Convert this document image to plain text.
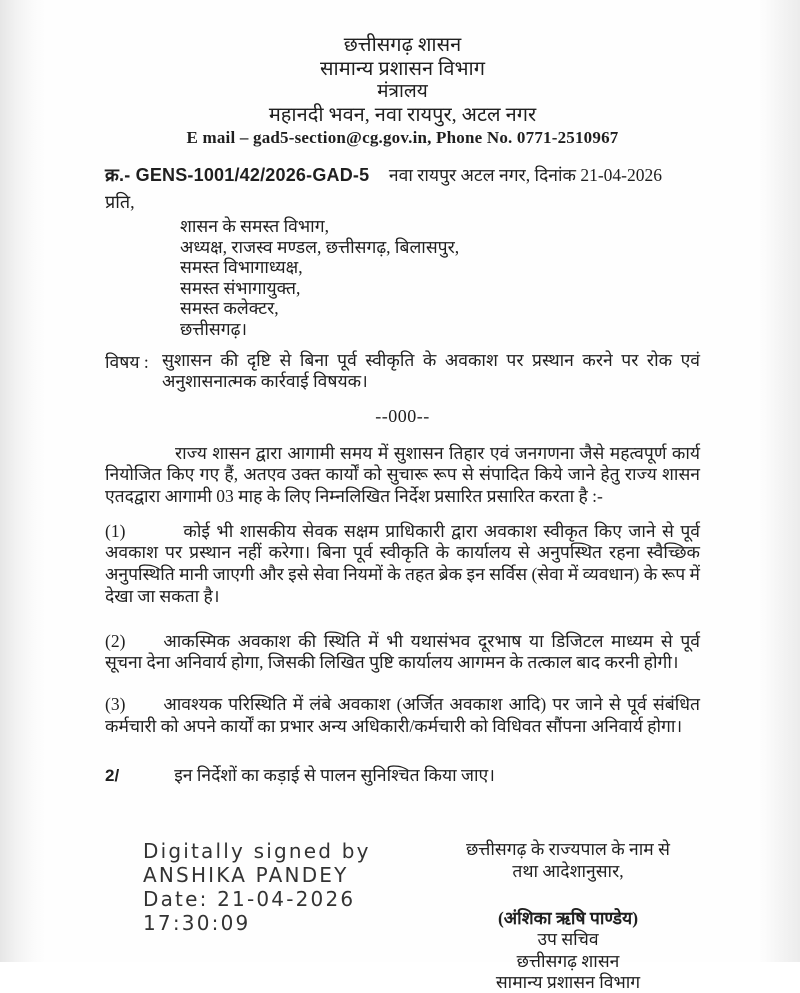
छत्तीसगढ़ शासन
सामान्य प्रशासन विभाग
मंत्रालय
महानदी भवन, नवा रायपुर, अटल नगर
E mail – gad5-section@cg.gov.in, Phone No. 0771-2510967
क्र.- GENS-1001/42/2026-GAD-5 नवा रायपुर अटल नगर, दिनांक 21-04-2026
प्रति,
शासन के समस्त विभाग,
अध्यक्ष, राजस्व मण्डल, छत्तीसगढ़, बिलासपुर,
समस्त विभागाध्यक्ष,
समस्त संभागायुक्त,
समस्त कलेक्टर,
छत्तीसगढ़।
विषय : सुशासन की दृष्टि से बिना पूर्व स्वीकृति के अवकाश पर प्रस्थान करने पर रोक एवं अनुशासनात्मक कार्रवाई विषयक।
--000--
राज्य शासन द्वारा आगामी समय में सुशासन तिहार एवं जनगणना जैसे महत्वपूर्ण कार्य नियोजित किए गए हैं, अतएव उक्त कार्यों को सुचारू रूप से संपादित किये जाने हेतु राज्य शासन एतदद्वारा आगामी 03 माह के लिए निम्नलिखित निर्देश प्रसारित प्रसारित करता है :-

(1)	कोई भी शासकीय सेवक सक्षम प्राधिकारी द्वारा अवकाश स्वीकृत किए जाने से पूर्व अवकाश पर प्रस्थान नहीं करेगा। बिना पूर्व स्वीकृति के कार्यालय से अनुपस्थित रहना स्वैच्छिक अनुपस्थिति मानी जाएगी और इसे सेवा नियमों के तहत ब्रेक इन सर्विस (सेवा में व्यवधान) के रूप में देखा जा सकता है।

(2) आकस्मिक अवकाश की स्थिति में भी यथासंभव दूरभाष या डिजिटल माध्यम से पूर्व सूचना देना अनिवार्य होगा, जिसकी लिखित पुष्टि कार्यालय आगमन के तत्काल बाद करनी होगी।

(3) आवश्यक परिस्थिति में लंबे अवकाश (अर्जित अवकाश आदि) पर जाने से पूर्व संबंधित कर्मचारी को अपने कार्यों का प्रभार अन्य अधिकारी/कर्मचारी को विधिवत सौंपना अनिवार्य होगा।

2/	इन निर्देशों का कड़ाई से पालन सुनिश्चित किया जाए।

Digitally signed by
ANSHIKA PANDEY
Date: 21-04-2026
17:30:09
छत्तीसगढ़ के राज्यपाल के नाम से
तथा आदेशानुसार,
(अंशिका ऋषि पाण्डेय)
उप सचिव
छत्तीसगढ़ शासन
सामान्य प्रशासन विभाग
